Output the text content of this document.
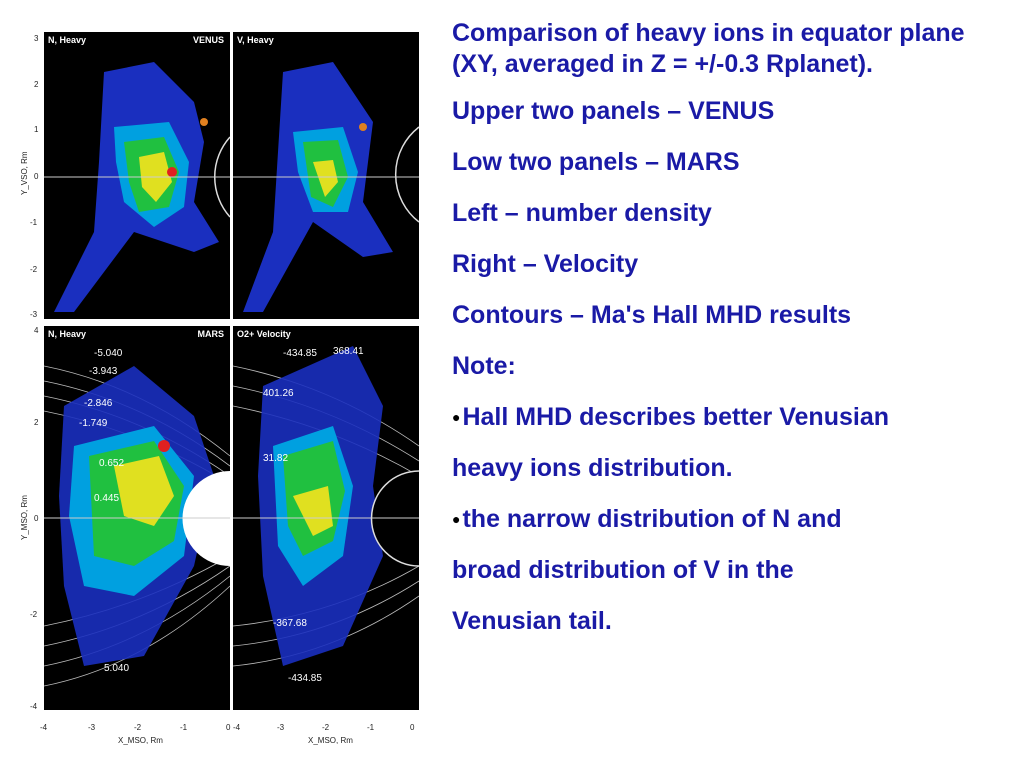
N, Heavy	VENUS V, Heavy
-5.040
-3.943
-2.846
-1.749
0.652
0.445
5.040
N, Heavy	MARS
-434.85 368.41
401.26
31.82
-367.68
-434.85
O2+ Velocity
3
2
1
0
-1
-2
-3
Y_VSO, Rm
4
2
0
-2
-4
Y_MSO, Rm
-4	-3	-2	-1	0
X_MSO, Rm
-4	-3	-2	-1	0
X_MSO, Rm

Comparison of heavy ions in equator plane (XY, averaged in Z = +/-0.3 Rplanet).

Upper two panels – VENUS
Low two panels – MARS
Left – number density
Right – Velocity
Contours – Ma's Hall MHD results
Note:
● Hall MHD describes better Venusian
heavy ions distribution.
● the narrow distribution of N and
broad distribution of V in the
Venusian tail.
